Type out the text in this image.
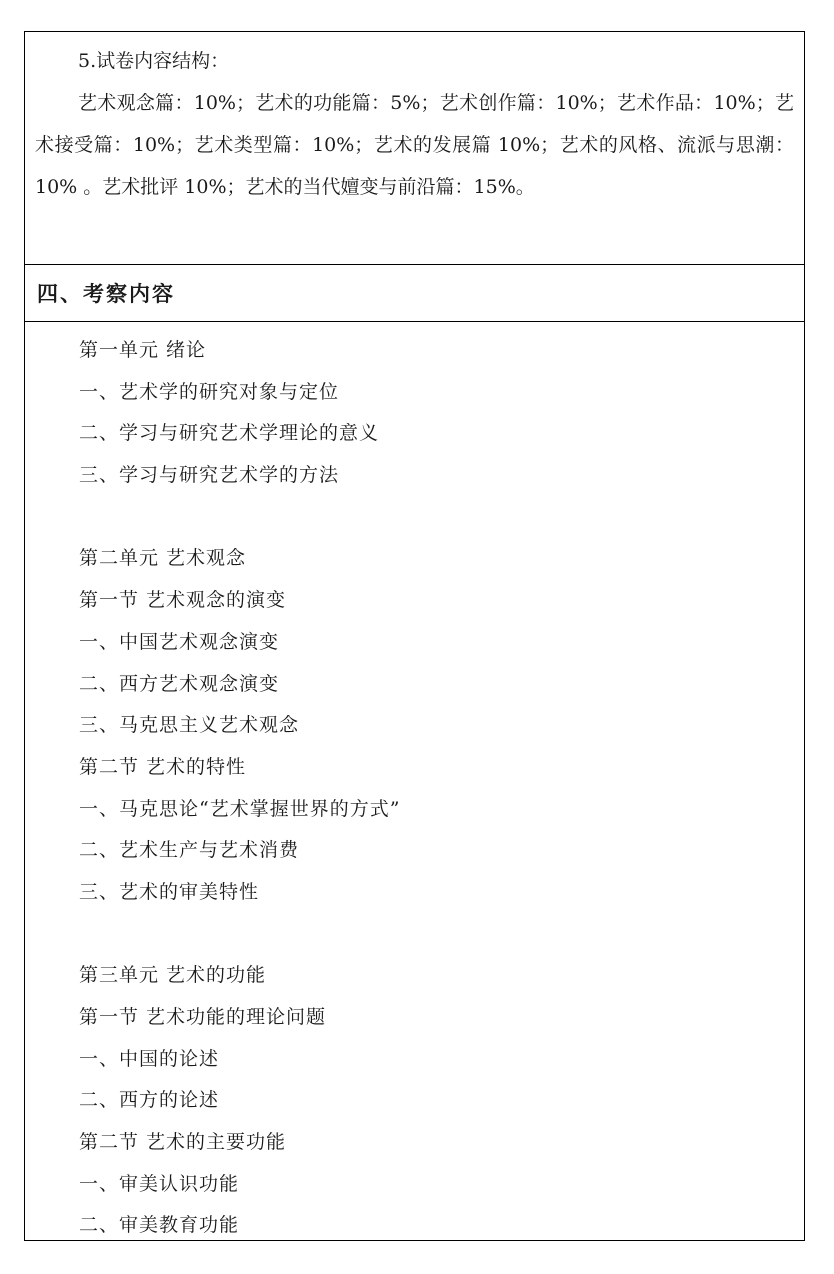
5.试卷内容结构：

艺术观念篇：10%；艺术的功能篇：5%；艺术创作篇：10%；艺术作品：10%；艺术接受篇：10%；艺术类型篇：10%；艺术的发展篇 10%；艺术的风格、流派与思潮：10% 。艺术批评 10%；艺术的当代嬗变与前沿篇：15%。

四、考察内容
第一单元 绪论
一、艺术学的研究对象与定位
二、学习与研究艺术学理论的意义
三、学习与研究艺术学的方法
第二单元 艺术观念
第一节 艺术观念的演变
一、中国艺术观念演变
二、西方艺术观念演变
三、马克思主义艺术观念
第二节 艺术的特性
一、马克思论“艺术掌握世界的方式”
二、艺术生产与艺术消费
三、艺术的审美特性
第三单元 艺术的功能
第一节 艺术功能的理论问题
一、中国的论述
二、西方的论述
第二节 艺术的主要功能
一、审美认识功能
二、审美教育功能
